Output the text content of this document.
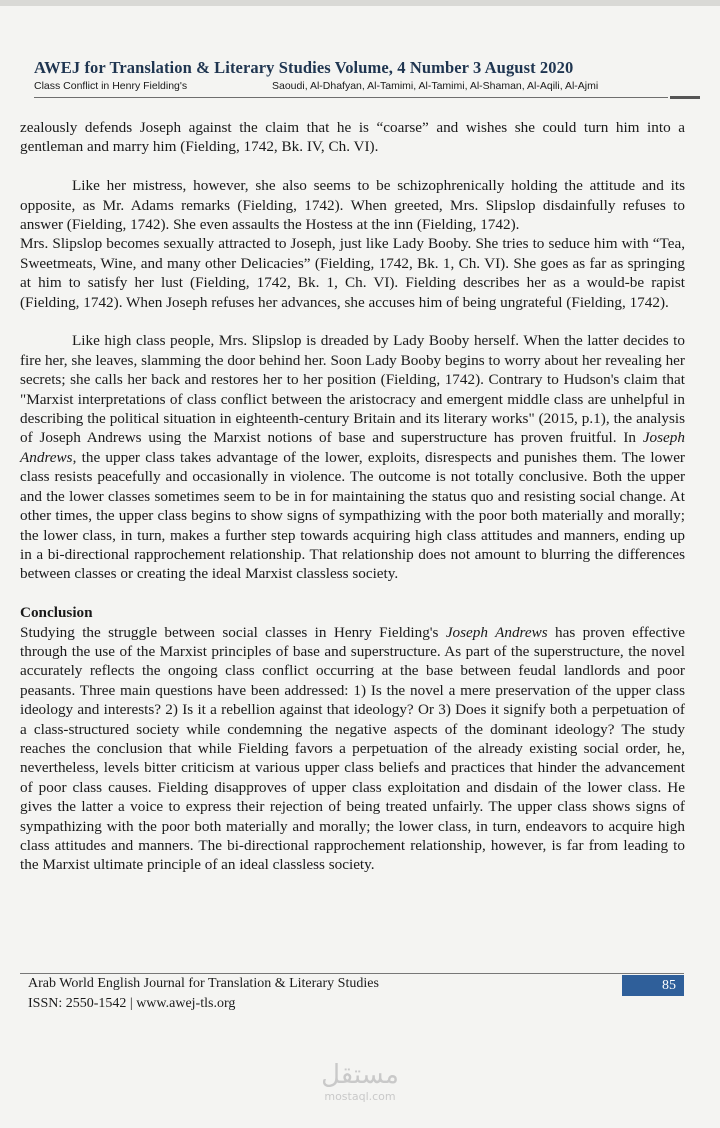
AWEJ for Translation & Literary Studies Volume, 4 Number 3 August 2020
Class Conflict in Henry Fielding's	Saoudi, Al-Dhafyan, Al-Tamimi, Al-Tamimi, Al-Shaman, Al-Aqili, Al-Ajmi

zealously defends Joseph against the claim that he is “coarse” and wishes she could turn him into a gentleman and marry him (Fielding, 1742, Bk. IV, Ch. VI).

Like her mistress, however, she also seems to be schizophrenically holding the attitude and its opposite, as Mr. Adams remarks (Fielding, 1742). When greeted, Mrs. Slipslop disdainfully refuses to answer (Fielding, 1742). She even assaults the Hostess at the inn (Fielding, 1742).

Mrs. Slipslop becomes sexually attracted to Joseph, just like Lady Booby. She tries to seduce him with “Tea, Sweetmeats, Wine, and many other Delicacies” (Fielding, 1742, Bk. 1, Ch. VI). She goes as far as springing at him to satisfy her lust (Fielding, 1742, Bk. 1, Ch. VI). Fielding describes her as a would-be rapist (Fielding, 1742). When Joseph refuses her advances, she accuses him of being ungrateful (Fielding, 1742).

Like high class people, Mrs. Slipslop is dreaded by Lady Booby herself. When the latter decides to fire her, she leaves, slamming the door behind her. Soon Lady Booby begins to worry about her revealing her secrets; she calls her back and restores her to her position (Fielding, 1742). Contrary to Hudson's claim that "Marxist interpretations of class conflict between the aristocracy and emergent middle class are unhelpful in describing the political situation in eighteenth-century Britain and its literary works" (2015, p.1), the analysis of Joseph Andrews using the Marxist notions of base and superstructure has proven fruitful. In Joseph Andrews, the upper class takes advantage of the lower, exploits, disrespects and punishes them. The lower class resists peacefully and occasionally in violence. The outcome is not totally conclusive. Both the upper and the lower classes sometimes seem to be in for maintaining the status quo and resisting social change. At other times, the upper class begins to show signs of sympathizing with the poor both materially and morally; the lower class, in turn, makes a further step towards acquiring high class attitudes and manners, ending up in a bi-directional rapprochement relationship. That relationship does not amount to blurring the differences between classes or creating the ideal Marxist classless society.

Conclusion

Studying the struggle between social classes in Henry Fielding's Joseph Andrews has proven effective through the use of the Marxist principles of base and superstructure. As part of the superstructure, the novel accurately reflects the ongoing class conflict occurring at the base between feudal landlords and poor peasants. Three main questions have been addressed: 1) Is the novel a mere preservation of the upper class ideology and interests? 2) Is it a rebellion against that ideology? Or 3) Does it signify both a perpetuation of a class-structured society while condemning the negative aspects of the dominant ideology? The study reaches the conclusion that while Fielding favors a perpetuation of the already existing social order, he, nevertheless, levels bitter criticism at various upper class beliefs and practices that hinder the advancement of poor class causes. Fielding disapproves of upper class exploitation and disdain of the lower class. He gives the latter a voice to express their rejection of being treated unfairly. The upper class shows signs of sympathizing with the poor both materially and morally; the lower class, in turn, endeavors to acquire high class attitudes and manners. The bi-directional rapprochement relationship, however, is far from leading to the Marxist ultimate principle of an ideal classless society.

Arab World English Journal for Translation & Literary Studies
ISSN: 2550-1542 | www.awej-tls.org
85
مستقل
mostaql.com
